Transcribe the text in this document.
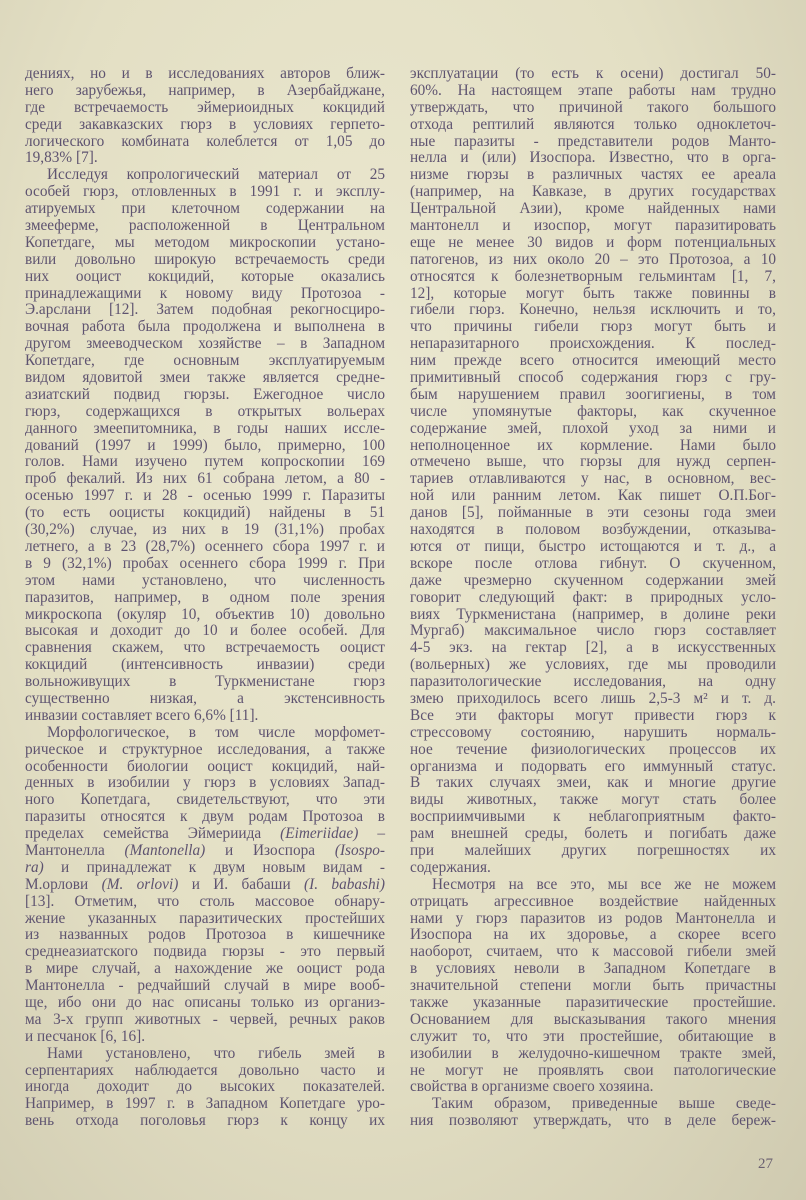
дениях, но и в исследованиях авторов ближ-
него зарубежья, например, в Азербайджане,
где встречаемость эймериоидных кокцидий
среди закавказских гюрз в условиях герпето-
логического комбината колеблется от 1,05 до
19,83% [7].
Исследуя копрологический материал от 25
особей гюрз, отловленных в 1991 г. и эксплу-
атируемых при клеточном содержании на
змееферме, расположенной в Центральном
Копетдаге, мы методом микроскопии устано-
вили довольно широкую встречаемость среди
них ооцист кокцидий, которые оказались
принадлежащими к новому виду Протозоа -
Э.арслани [12]. Затем подобная рекогносциро-
вочная работа была продолжена и выполнена в
другом змееводческом хозяйстве – в Западном
Копетдаге, где основным эксплуатируемым
видом ядовитой змеи также является средне-
азиатский подвид гюрзы. Ежегодное число
гюрз, содержащихся в открытых вольерах
данного змеепитомника, в годы наших иссле-
дований (1997 и 1999) было, примерно, 100
голов. Нами изучено путем копроскопии 169
проб фекалий. Из них 61 собрана летом, а 80 -
осенью 1997 г. и 28 - осенью 1999 г. Паразиты
(то есть ооцисты кокцидий) найдены в 51
(30,2%) случае, из них в 19 (31,1%) пробах
летнего, а в 23 (28,7%) осеннего сбора 1997 г. и
в 9 (32,1%) пробах осеннего сбора 1999 г. При
этом нами установлено, что численность
паразитов, например, в одном поле зрения
микроскопа (окуляр 10, объектив 10) довольно
высокая и доходит до 10 и более особей. Для
сравнения скажем, что встречаемость ооцист
кокцидий (интенсивность инвазии) среди
вольноживущих в Туркменистане гюрз
существенно низкая, а экстенсивность
инвазии составляет всего 6,6% [11].
Морфологическое, в том числе морфомет-
рическое и структурное исследования, а также
особенности биологии ооцист кокцидий, най-
денных в изобилии у гюрз в условиях Запад-
ного Копетдага, свидетельствуют, что эти
паразиты относятся к двум родам Протозоа в
пределах семейства Эймериида (Eimeriidae) –
Мантонелла (Mantonella) и Изоспора (Isospo-
ra) и принадлежат к двум новым видам -
М.орлови (M. orlovi) и И. бабаши (I. babashi)
[13]. Отметим, что столь массовое обнару-
жение указанных паразитических простейших
из названных родов Протозоа в кишечнике
среднеазиатского подвида гюрзы - это первый
в мире случай, а нахождение же ооцист рода
Мантонелла - редчайший случай в мире вооб-
ще, ибо они до нас описаны только из организ-
ма 3-х групп животных - червей, речных раков
и песчанок [6, 16].
Нами установлено, что гибель змей в
серпентариях наблюдается довольно часто и
иногда доходит до высоких показателей.
Например, в 1997 г. в Западном Копетдаге уро-
вень отхода поголовья гюрз к концу их
эксплуатации (то есть к осени) достигал 50-
60%. На настоящем этапе работы нам трудно
утверждать, что причиной такого большого
отхода рептилий являются только одноклеточ-
ные паразиты - представители родов Манто-
нелла и (или) Изоспора. Известно, что в орга-
низме гюрзы в различных частях ее ареала
(например, на Кавказе, в других государствах
Центральной Азии), кроме найденных нами
мантонелл и изоспор, могут паразитировать
еще не менее 30 видов и форм потенциальных
патогенов, из них около 20 – это Протозоа, а 10
относятся к болезнетворным гельминтам [1, 7,
12], которые могут быть также повинны в
гибели гюрз. Конечно, нельзя исключить и то,
что причины гибели гюрз могут быть и
непаразитарного происхождения. К послед-
ним прежде всего относится имеющий место
примитивный способ содержания гюрз с гру-
бым нарушением правил зоогигиены, в том
числе упомянутые факторы, как скученное
содержание змей, плохой уход за ними и
неполноценное их кормление. Нами было
отмечено выше, что гюрзы для нужд серпен-
тариев отлавливаются у нас, в основном, вес-
ной или ранним летом. Как пишет О.П.Бог-
данов [5], пойманные в эти сезоны года змеи
находятся в половом возбуждении, отказыва-
ются от пищи, быстро истощаются и т. д., а
вскоре после отлова гибнут. О скученном,
даже чрезмерно скученном содержании змей
говорит следующий факт: в природных усло-
виях Туркменистана (например, в долине реки
Мургаб) максимальное число гюрз составляет
4-5 экз. на гектар [2], а в искусственных
(вольерных) же условиях, где мы проводили
паразитологические исследования, на одну
змею приходилось всего лишь 2,5-3 м² и т. д.
Все эти факторы могут привести гюрз к
стрессовому состоянию, нарушить нормаль-
ное течение физиологических процессов их
организма и подорвать его иммунный статус.
В таких случаях змеи, как и многие другие
виды животных, также могут стать более
восприимчивыми к неблагоприятным факто-
рам внешней среды, болеть и погибать даже
при малейших других погрешностях их
содержания.
Несмотря на все это, мы все же не можем
отрицать агрессивное воздействие найденных
нами у гюрз паразитов из родов Мантонелла и
Изоспора на их здоровье, а скорее всего
наоборот, считаем, что к массовой гибели змей
в условиях неволи в Западном Копетдаге в
значительной степени могли быть причастны
также указанные паразитические простейшие.
Основанием для высказывания такого мнения
служит то, что эти простейшие, обитающие в
изобилии в желудочно-кишечном тракте змей,
не могут не проявлять свои патологические
свойства в организме своего хозяина.
Таким образом, приведенные выше сведе-
ния позволяют утверждать, что в деле береж-
27
